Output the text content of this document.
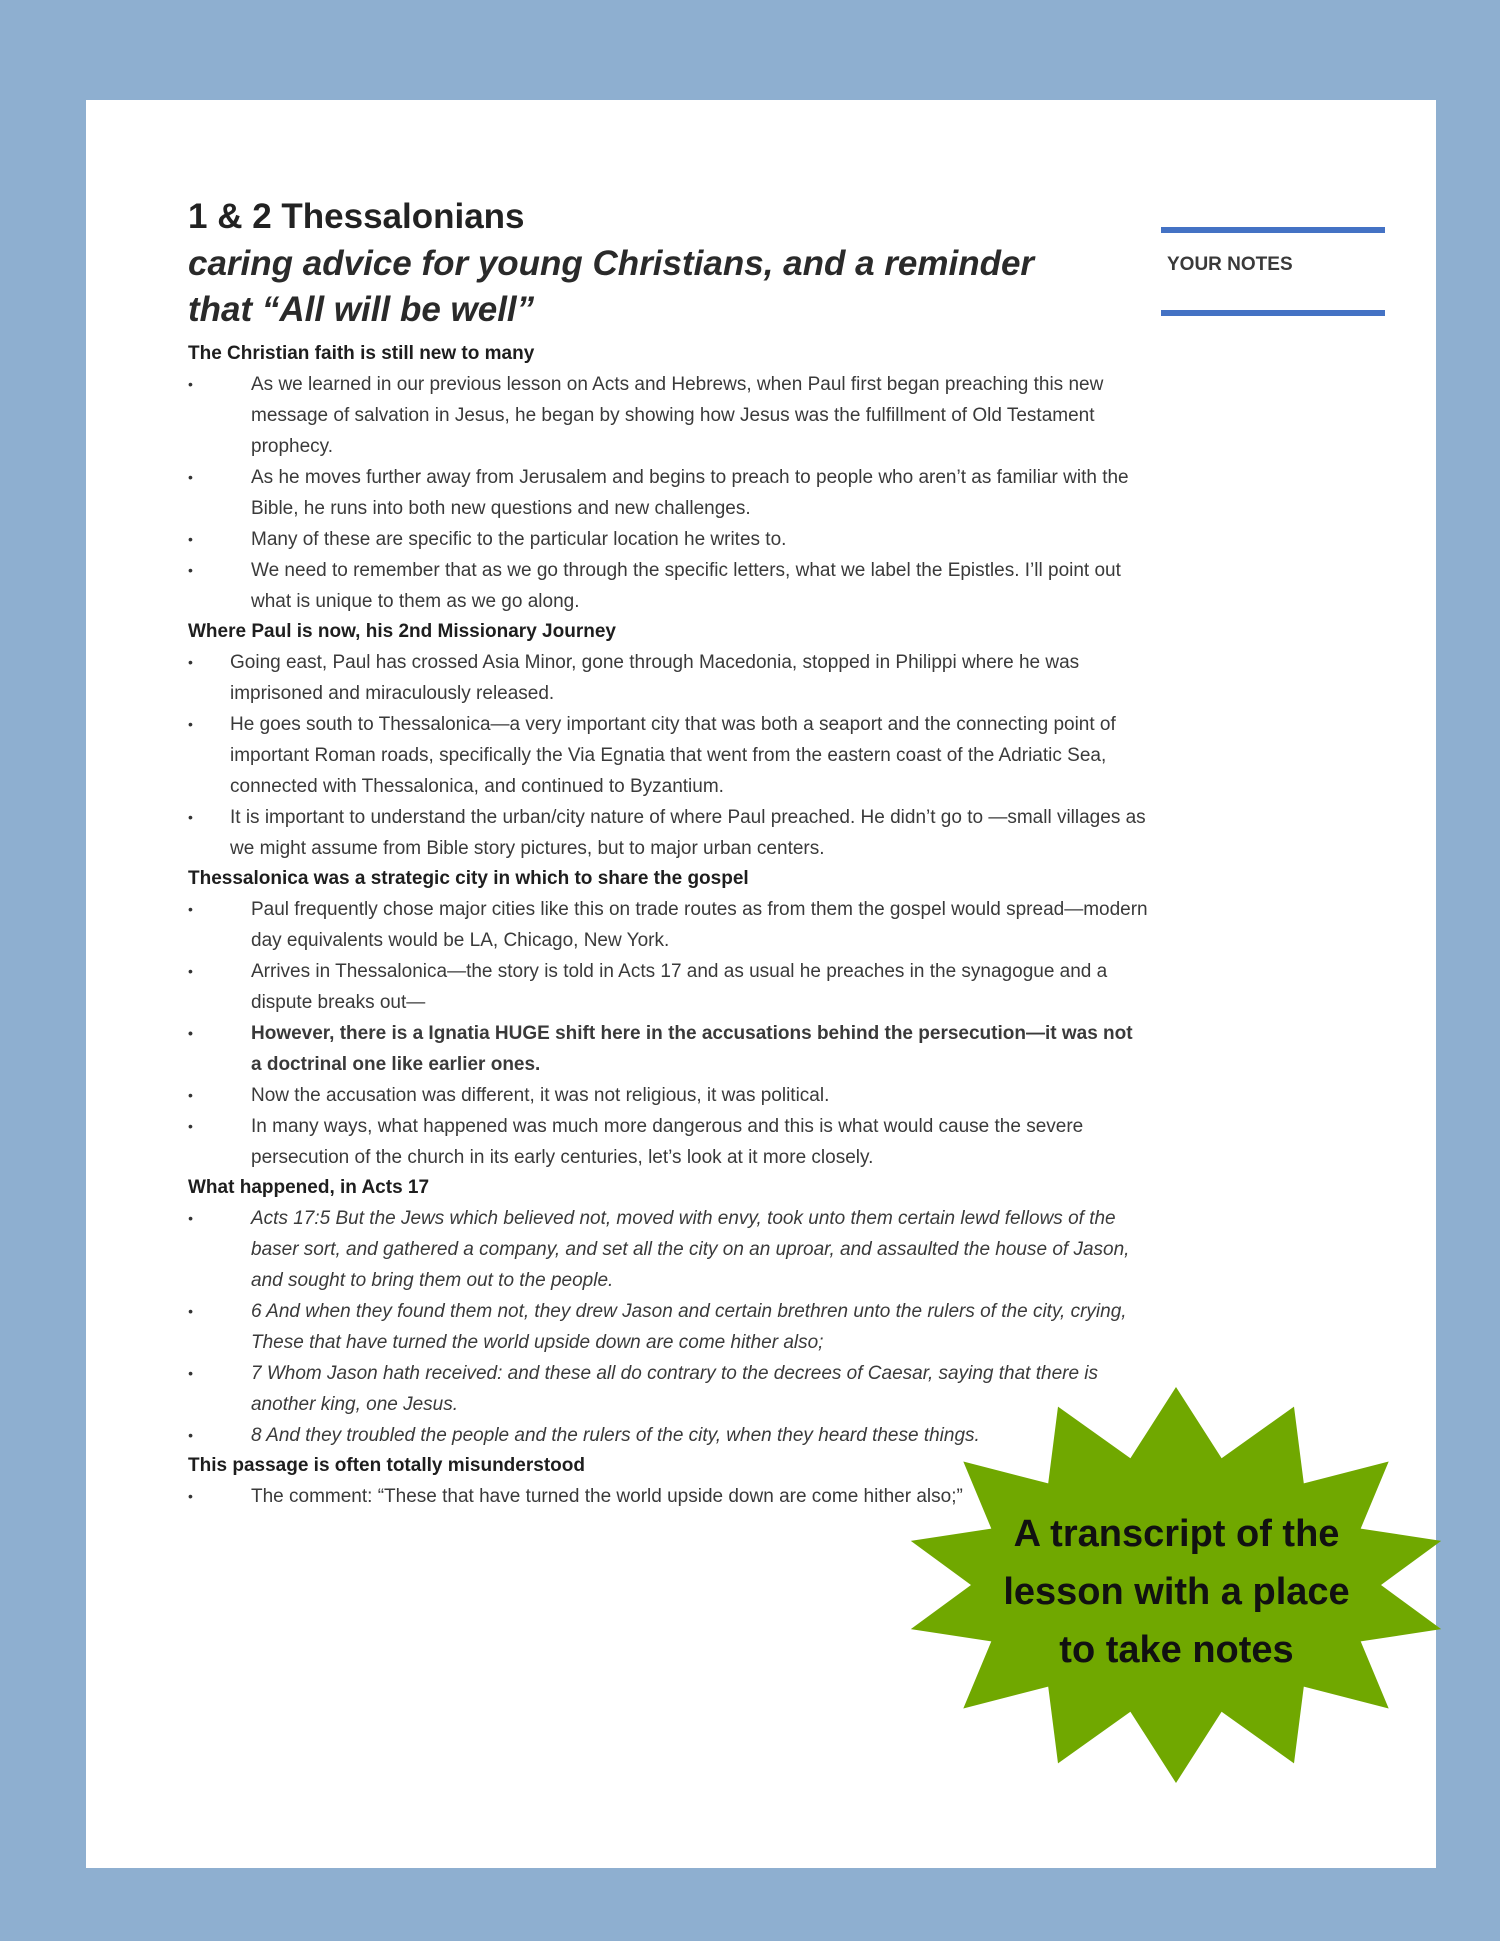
1 & 2 Thessalonians
caring advice for young Christians, and a reminder that “All will be well”
The Christian faith is still new to many
• As we learned in our previous lesson on Acts and Hebrews, when Paul first began preaching this new message of salvation in Jesus, he began by showing how Jesus was the fulfillment of Old Testament prophecy.
• As he moves further away from Jerusalem and begins to preach to people who aren’t as familiar with the Bible, he runs into both new questions and new challenges.
• Many of these are specific to the particular location he writes to.
• We need to remember that as we go through the specific letters, what we label the Epistles. I’ll point out what is unique to them as we go along.
Where Paul is now, his 2nd Missionary Journey
• Going east, Paul has crossed Asia Minor, gone through Macedonia, stopped in Philippi where he was imprisoned and miraculously released.
• He goes south to Thessalonica—a very important city that was both a seaport and the connecting point of important Roman roads, specifically the Via Egnatia that went from the eastern coast of the Adriatic Sea, connected with Thessalonica, and continued to Byzantium.
• It is important to understand the urban/city nature of where Paul preached. He didn’t go to —small villages as we might assume from Bible story pictures, but to major urban centers.
Thessalonica was a strategic city in which to share the gospel
• Paul frequently chose major cities like this on trade routes as from them the gospel would spread—modern day equivalents would be LA, Chicago, New York.
• Arrives in Thessalonica—the story is told in Acts 17 and as usual he preaches in the synagogue and a dispute breaks out—
• However, there is a Ignatia HUGE shift here in the accusations behind the persecution—it was not a doctrinal one like earlier ones.
• Now the accusation was different, it was not religious, it was political.
• In many ways, what happened was much more dangerous and this is what would cause the severe persecution of the church in its early centuries, let’s look at it more closely.
What happened, in Acts 17
• Acts 17:5 But the Jews which believed not, moved with envy, took unto them certain lewd fellows of the baser sort, and gathered a company, and set all the city on an uproar, and assaulted the house of Jason, and sought to bring them out to the people.
• 6 And when they found them not, they drew Jason and certain brethren unto the rulers of the city, crying, These that have turned the world upside down are come hither also;
• 7 Whom Jason hath received: and these all do contrary to the decrees of Caesar, saying that there is another king, one Jesus.
• 8 And they troubled the people and the rulers of the city, when they heard these things.
This passage is often totally misunderstood
• The comment: “These that have turned the world upside down are come hither also;”
YOUR NOTES
A transcript of the
lesson with a place
to take notes
